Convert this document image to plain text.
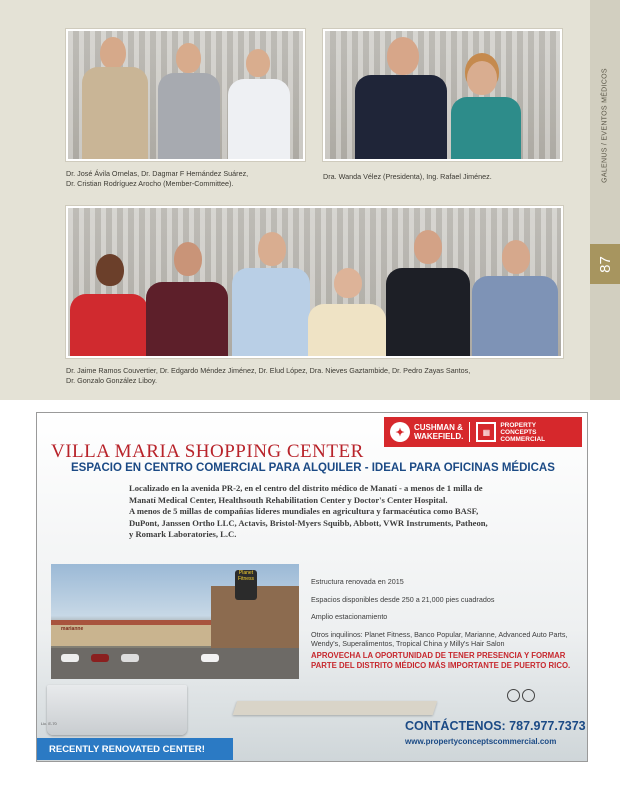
Dr. José Ávila Ornelas, Dr. Dagmar F Hernández Suárez,
Dr. Cristian Rodríguez Arocho (Member-Committee).
Dra. Wanda Vélez (Presidenta), Ing. Rafael Jiménez.
Dr. Jaime Ramos Couvertier, Dr. Edgardo Méndez Jiménez, Dr. Elud López, Dra. Nieves Gaztambide, Dr. Pedro Zayas Santos,
Dr. Gonzalo González Liboy.
GALENUS / EVENTOS MÉDICOS
87
✦	CUSHMAN &
WAKEFIELD.	▦
PROPERTY
CONCEPTS
COMMERCIAL
VILLA MARIA SHOPPING CENTER
ESPACIO EN CENTRO COMERCIAL PARA ALQUILER - IDEAL PARA OFICINAS MÉDICAS
Localizado en la avenida PR-2, en el centro del distrito médico de Manatí - a menos de 1 milla de
Manatí Medical Center, Healthsouth Rehabilitation Center y Doctor's Center Hospital.
A menos de 5 millas de compañías líderes mundiales en agricultura y farmacéutica como BASF,
DuPont, Janssen Ortho LLC, Actavis, Bristol-Myers Squibb, Abbott, VWR Instruments, Patheon,
y Romark Laboratories, L.C.
marianne
Planet Fitness	Estructura renovada en 2015
Espacios disponibles desde 250 a 21,000 pies cuadrados
Amplio estacionamiento
Otros inquilinos: Planet Fitness, Banco Popular, Marianne, Advanced Auto Parts, Wendy's, Superalimentos, Tropical China y Milly's Hair Salon
APROVECHA LA OPORTUNIDAD DE TENER PRESENCIA Y FORMAR PARTE DEL DISTRITO MÉDICO MÁS IMPORTANTE DE PUERTO RICO.
Lic. E-70	CONTÁCTENOS: 787.977.7373
www.propertyconceptscommercial.com
RECENTLY RENOVATED CENTER!
